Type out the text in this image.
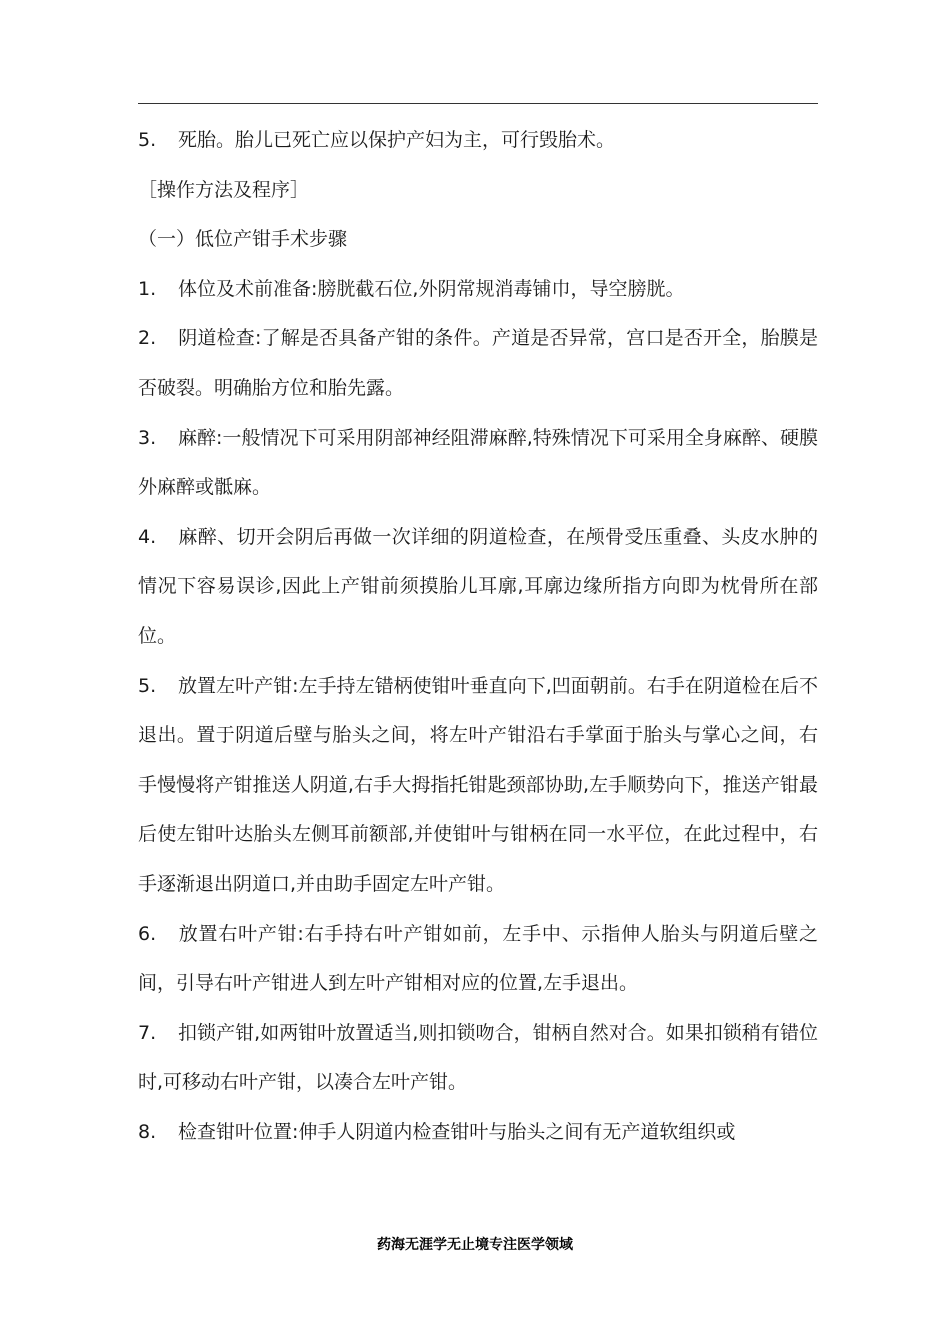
5. 死胎。胎儿已死亡应以保护产妇为主，可行毁胎术。

［操作方法及程序］

（一）低位产钳手术步骤

1. 体位及术前准备:膀胱截石位,外阴常规消毒铺巾，导空膀胱。

2. 阴道检查:了解是否具备产钳的条件。产道是否异常，宫口是否开全，胎膜是否破裂。明确胎方位和胎先露。

3. 麻醉:一般情况下可采用阴部神经阻滞麻醉,特殊情况下可采用全身麻醉、硬膜外麻醉或骶麻。

4. 麻醉、切开会阴后再做一次详细的阴道检查，在颅骨受压重叠、头皮水肿的情况下容易误诊,因此上产钳前须摸胎儿耳廓,耳廓边缘所指方向即为枕骨所在部位。

5. 放置左叶产钳:左手持左错柄使钳叶垂直向下,凹面朝前。右手在阴道检在后不退出。置于阴道后壁与胎头之间，将左叶产钳沿右手掌面于胎头与掌心之间，右手慢慢将产钳推送人阴道,右手大拇指托钳匙颈部协助,左手顺势向下，推送产钳最后使左钳叶达胎头左侧耳前额部,并使钳叶与钳柄在同一水平位，在此过程中，右手逐渐退出阴道口,并由助手固定左叶产钳。

6. 放置右叶产钳:右手持右叶产钳如前，左手中、示指伸人胎头与阴道后壁之间，引导右叶产钳进人到左叶产钳相对应的位置,左手退出。

7. 扣锁产钳,如两钳叶放置适当,则扣锁吻合，钳柄自然对合。如果扣锁稍有错位时,可移动右叶产钳，以凑合左叶产钳。

8. 检查钳叶位置:伸手人阴道内检查钳叶与胎头之间有无产道软组织或

药海无涯学无止境专注医学领域
